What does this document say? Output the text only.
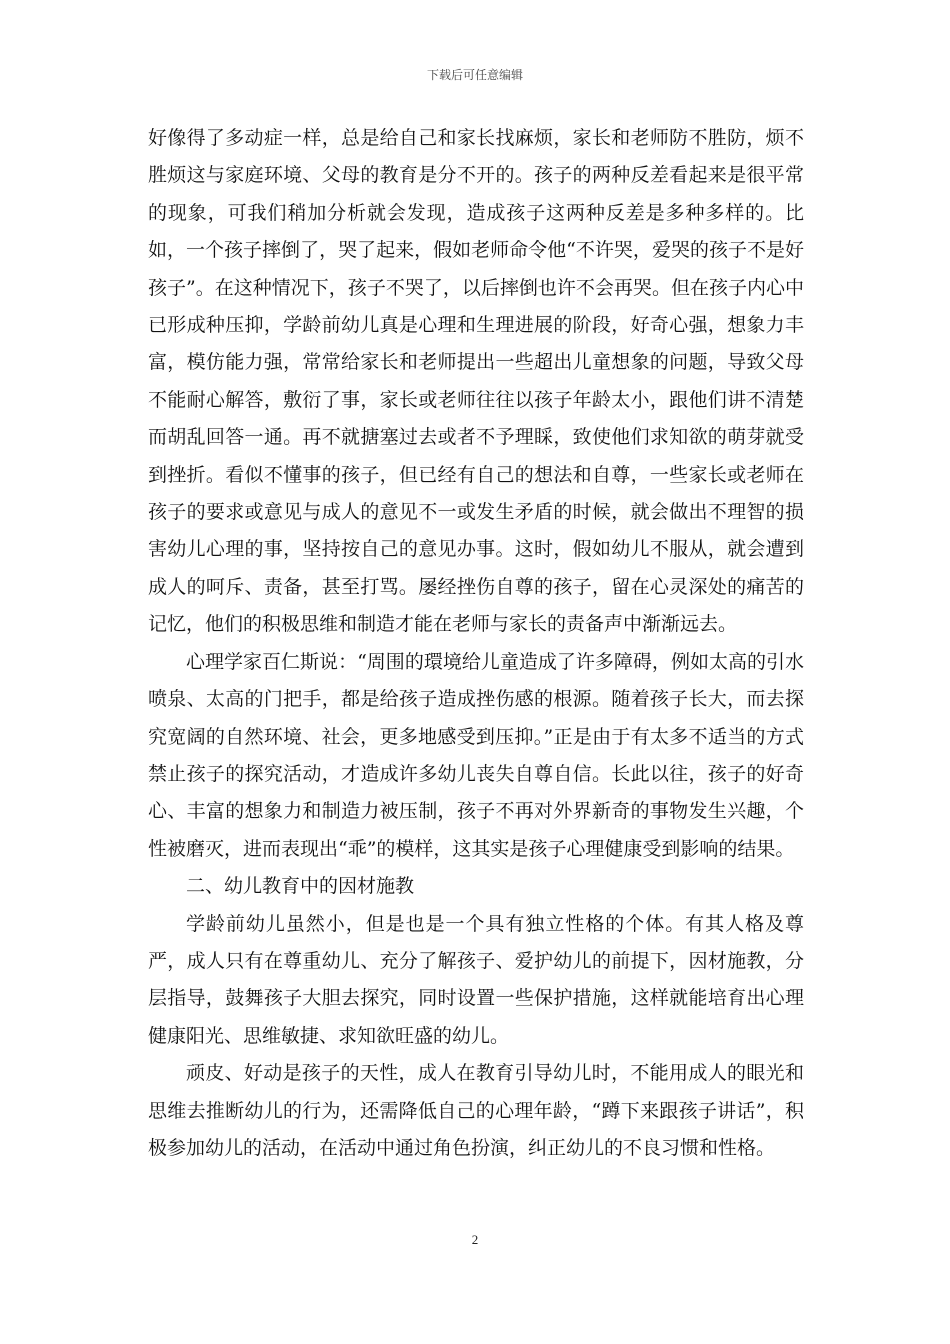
下载后可任意编辑

好像得了多动症一样，总是给自己和家长找麻烦，家长和老师防不胜防，烦不胜烦这与家庭环境、父母的教育是分不开的。孩子的两种反差看起来是很平常的现象，可我们稍加分析就会发现，造成孩子这两种反差是多种多样的。比如，一个孩子摔倒了，哭了起来，假如老师命令他“不许哭，爱哭的孩子不是好孩子”。在这种情况下，孩子不哭了，以后摔倒也许不会再哭。但在孩子内心中已形成种压抑，学龄前幼儿真是心理和生理进展的阶段，好奇心强，想象力丰富，模仿能力强，常常给家长和老师提出一些超出儿童想象的问题，导致父母不能耐心解答，敷衍了事，家长或老师往往以孩子年龄太小，跟他们讲不清楚而胡乱回答一通。再不就搪塞过去或者不予理睬，致使他们求知欲的萌芽就受到挫折。看似不懂事的孩子，但已经有自己的想法和自尊，一些家长或老师在孩子的要求或意见与成人的意见不一或发生矛盾的时候，就会做出不理智的损害幼儿心理的事，坚持按自己的意见办事。这时，假如幼儿不服从，就会遭到成人的呵斥、责备，甚至打骂。屡经挫伤自尊的孩子，留在心灵深处的痛苦的记忆，他们的积极思维和制造才能在老师与家长的责备声中渐渐远去。

心理学家百仁斯说：“周围的環境给儿童造成了许多障碍，例如太高的引水喷泉、太高的门把手，都是给孩子造成挫伤感的根源。随着孩子长大，而去探究宽阔的自然环境、社会，更多地感受到压抑。”正是由于有太多不适当的方式禁止孩子的探究活动，才造成许多幼儿丧失自尊自信。长此以往，孩子的好奇心、丰富的想象力和制造力被压制，孩子不再对外界新奇的事物发生兴趣，个性被磨灭，进而表现出“乖”的模样，这其实是孩子心理健康受到影响的结果。

二、幼儿教育中的因材施教

学龄前幼儿虽然小，但是也是一个具有独立性格的个体。有其人格及尊严，成人只有在尊重幼儿、充分了解孩子、爱护幼儿的前提下，因材施教，分层指导，鼓舞孩子大胆去探究，同时设置一些保护措施，这样就能培育出心理健康阳光、思维敏捷、求知欲旺盛的幼儿。

顽皮、好动是孩子的天性，成人在教育引导幼儿时，不能用成人的眼光和思维去推断幼儿的行为，还需降低自己的心理年龄，“蹲下来跟孩子讲话”，积极参加幼儿的活动，在活动中通过角色扮演，纠正幼儿的不良习惯和性格。

2
